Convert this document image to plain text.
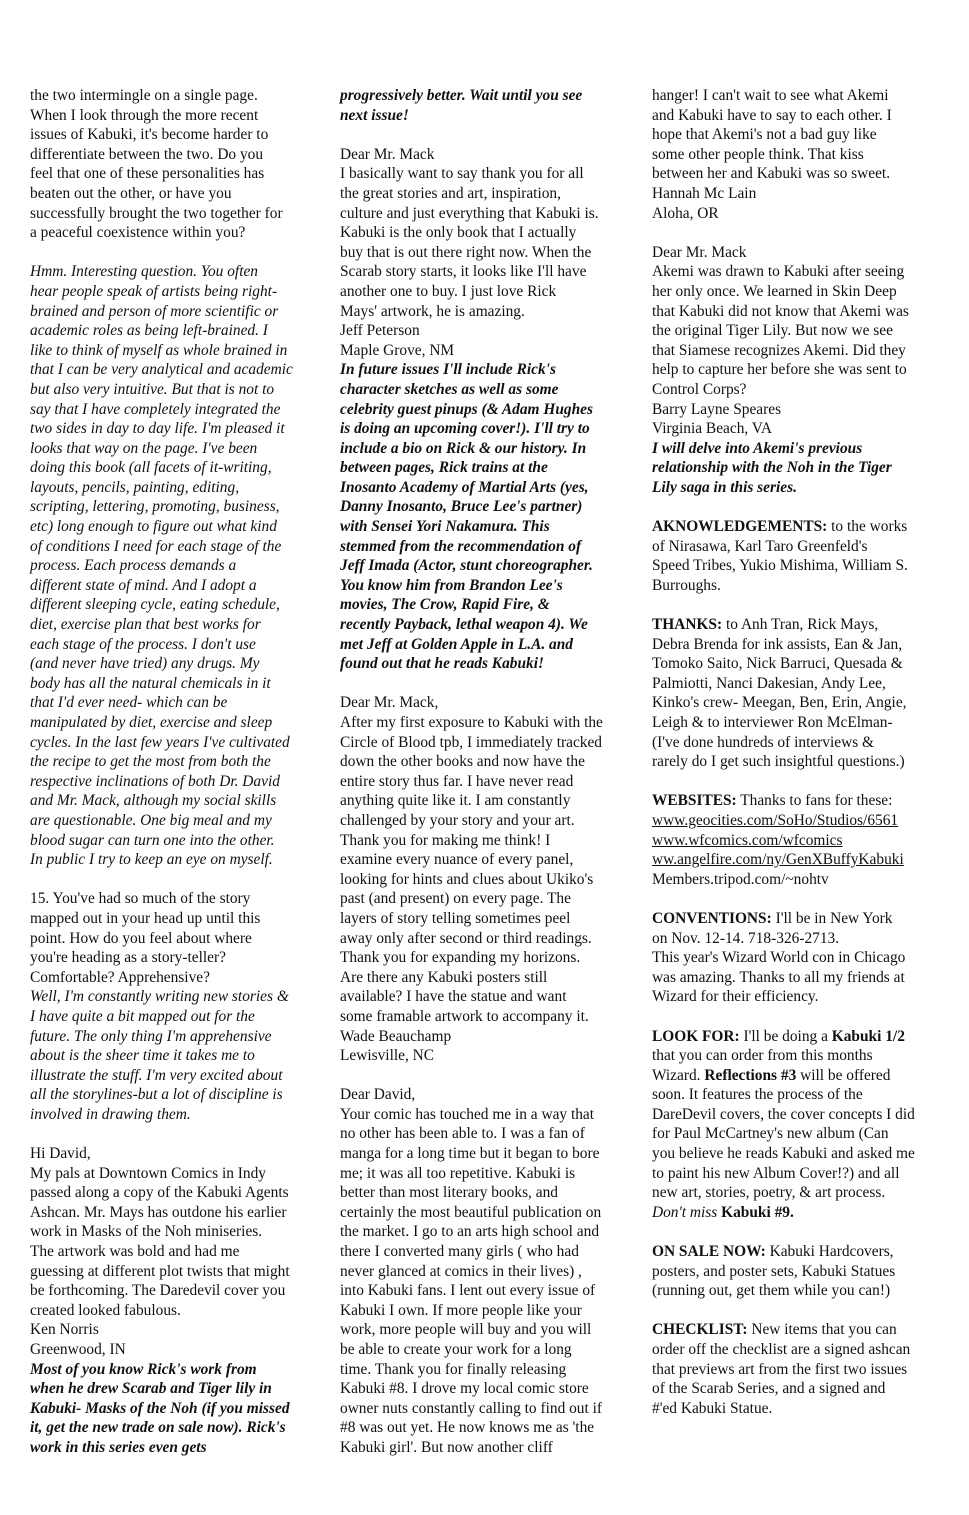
the two intermingle on a single page.
When I look through the more recent
issues of Kabuki, it's become harder to
differentiate between the two. Do you
feel that one of these personalities has
beaten out the other, or have you
successfully brought the two together for
a peaceful coexistence within you?
Hmm. Interesting question. You often
hear people speak of artists being right-
brained and person of more scientific or
academic roles as being left-brained. I
like to think of myself as whole brained in
that I can be very analytical and academic
but also very intuitive. But that is not to
say that I have completely integrated the
two sides in day to day life. I'm pleased it
looks that way on the page. I've been
doing this book (all facets of it-writing,
layouts, pencils, painting, editing,
scripting, lettering, promoting, business,
etc) long enough to figure out what kind
of conditions I need for each stage of the
process. Each process demands a
different state of mind. And I adopt a
different sleeping cycle, eating schedule,
diet, exercise plan that best works for
each stage of the process. I don't use
(and never have tried) any drugs. My
body has all the natural chemicals in it
that I'd ever need- which can be
manipulated by diet, exercise and sleep
cycles. In the last few years I've cultivated
the recipe to get the most from both the
respective inclinations of both Dr. David
and Mr. Mack, although my social skills
are questionable. One big meal and my
blood sugar can turn one into the other.
In public I try to keep an eye on myself.
15. You've had so much of the story
mapped out in your head up until this
point. How do you feel about where
you're heading as a story-teller?
Comfortable? Apprehensive?
Well, I'm constantly writing new stories &
I have quite a bit mapped out for the
future. The only thing I'm apprehensive
about is the sheer time it takes me to
illustrate the stuff. I'm very excited about
all the storylines-but a lot of discipline is
involved in drawing them.
Hi David,
My pals at Downtown Comics in Indy
passed along a copy of the Kabuki Agents
Ashcan. Mr. Mays has outdone his earlier
work in Masks of the Noh miniseries.
The artwork was bold and had me
guessing at different plot twists that might
be forthcoming. The Daredevil cover you
created looked fabulous.
Ken Norris
Greenwood, IN
Most of you know Rick's work from
when he drew Scarab and Tiger lily in
Kabuki- Masks of the Noh (if you missed
it, get the new trade on sale now). Rick's
work in this series even gets
progressively better. Wait until you see
next issue!
Dear Mr. Mack
I basically want to say thank you for all
the great stories and art, inspiration,
culture and just everything that Kabuki is.
Kabuki is the only book that I actually
buy that is out there right now. When the
Scarab story starts, it looks like I'll have
another one to buy. I just love Rick
Mays' artwork, he is amazing.
Jeff Peterson
Maple Grove, NM
In future issues I'll include Rick's
character sketches as well as some
celebrity guest pinups (& Adam Hughes
is doing an upcoming cover!). I'll try to
include a bio on Rick & our history. In
between pages, Rick trains at the
Inosanto Academy of Martial Arts (yes,
Danny Inosanto, Bruce Lee's partner)
with Sensei Yori Nakamura. This
stemmed from the recommendation of
Jeff Imada (Actor, stunt choreographer.
You know him from Brandon Lee's
movies, The Crow, Rapid Fire, &
recently Payback, lethal weapon 4). We
met Jeff at Golden Apple in L.A. and
found out that he reads Kabuki!
Dear Mr. Mack,
After my first exposure to Kabuki with the
Circle of Blood tpb, I immediately tracked
down the other books and now have the
entire story thus far. I have never read
anything quite like it. I am constantly
challenged by your story and your art.
Thank you for making me think! I
examine every nuance of every panel,
looking for hints and clues about Ukiko's
past (and present) on every page. The
layers of story telling sometimes peel
away only after second or third readings.
Thank you for expanding my horizons.
Are there any Kabuki posters still
available? I have the statue and want
some framable artwork to accompany it.
Wade Beauchamp
Lewisville, NC
Dear David,
Your comic has touched me in a way that
no other has been able to. I was a fan of
manga for a long time but it began to bore
me; it was all too repetitive. Kabuki is
better than most literary books, and
certainly the most beautiful publication on
the market. I go to an arts high school and
there I converted many girls ( who had
never glanced at comics in their lives) ,
into Kabuki fans. I lent out every issue of
Kabuki I own. If more people like your
work, more people will buy and you will
be able to create your work for a long
time. Thank you for finally releasing
Kabuki #8. I drove my local comic store
owner nuts constantly calling to find out if
#8 was out yet. He now knows me as 'the
Kabuki girl'. But now another cliff
hanger! I can't wait to see what Akemi
and Kabuki have to say to each other. I
hope that Akemi's not a bad guy like
some other people think. That kiss
between her and Kabuki was so sweet.
Hannah Mc Lain
Aloha, OR
Dear Mr. Mack
Akemi was drawn to Kabuki after seeing
her only once. We learned in Skin Deep
that Kabuki did not know that Akemi was
the original Tiger Lily. But now we see
that Siamese recognizes Akemi. Did they
help to capture her before she was sent to
Control Corps?
Barry Layne Speares
Virginia Beach, VA
I will delve into Akemi's previous
relationship with the Noh in the Tiger
Lily saga in this series.
AKNOWLEDGEMENTS: to the works
of Nirasawa, Karl Taro Greenfeld's
Speed Tribes, Yukio Mishima, William S.
Burroughs.
THANKS: to Anh Tran, Rick Mays,
Debra Brenda for ink assists, Ean & Jan,
Tomoko Saito, Nick Barruci, Quesada &
Palmiotti, Nanci Dakesian, Andy Lee,
Kinko's crew- Meegan, Ben, Erin, Angie,
Leigh & to interviewer Ron McElman-
(I've done hundreds of interviews &
rarely do I get such insightful questions.)
WEBSITES: Thanks to fans for these:
www.geocities.com/SoHo/Studios/6561
www.wfcomics.com/wfcomics
ww.angelfire.com/ny/GenXBuffyKabuki
Members.tripod.com/~nohtv
CONVENTIONS: I'll be in New York
on Nov. 12-14. 718-326-2713.
This year's Wizard World con in Chicago
was amazing. Thanks to all my friends at
Wizard for their efficiency.
LOOK FOR: I'll be doing a Kabuki 1/2
that you can order from this months
Wizard. Reflections #3 will be offered
soon. It features the process of the
DareDevil covers, the cover concepts I did
for Paul McCartney's new album (Can
you believe he reads Kabuki and asked me
to paint his new Album Cover!?) and all
new art, stories, poetry, & art process.
Don't miss Kabuki #9.
ON SALE NOW: Kabuki Hardcovers,
posters, and poster sets, Kabuki Statues
(running out, get them while you can!)
CHECKLIST: New items that you can
order off the checklist are a signed ashcan
that previews art from the first two issues
of the Scarab Series, and a signed and
#'ed Kabuki Statue.
